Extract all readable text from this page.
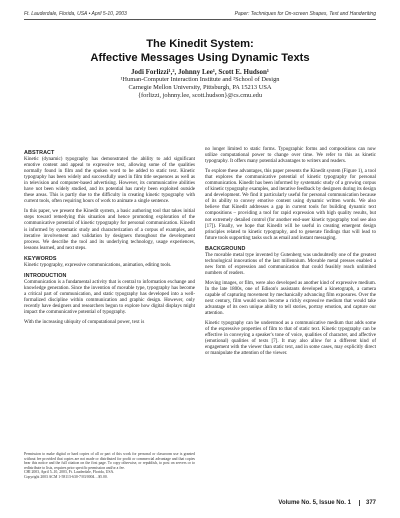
Ft. Lauderdale, Florida, USA • April 5-10, 2003	Paper: Techniques for On-screen Shapes, Text and Handwriting
The Kinedit System:
Affective Messages Using Dynamic Texts
Jodi Forlizzi¹,², Johnny Lee¹, Scott E. Hudson¹
¹Human-Computer Interaction Institute and ²School of Design
Carnegie Mellon University, Pittsburgh, PA 15213 USA
{forlizzi, johnny.lee, scott.hudson}@cs.cmu.edu
ABSTRACT

Kinetic (dynamic) typography has demonstrated the ability to add significant emotive content and appeal to expressive text, allowing some of the qualities normally found in film and the spoken word to be added to static text. Kinetic typography has been widely and successfully used in film title sequences as well as in television and computer-based advertising. However, its communicative abilities have not been widely studied, and its potential has rarely been exploited outside these areas. This is partly due to the difficulty in creating kinetic typography with current tools, often requiring hours of work to animate a single sentence.

In this paper, we present the Kinedit system, a basic authoring tool that takes initial steps toward remedying this situation and hence promoting exploration of the communicative potential of kinetic typography for personal communication. Kinedit is informed by systematic study and characterization of a corpus of examples, and iterative involvement and validation by designers throughout the development process. We describe the tool and its underlying technology, usage experiences, lessons learned, and next steps.

KEYWORDS

Kinetic typography, expressive communications, animation, editing tools.

INTRODUCTION

Communication is a fundamental activity that is central to information exchange and knowledge generation. Since the invention of movable type, typography has become a critical part of communication, and static typography has developed into a well-formalized discipline within communication and graphic design. However, only recently have designers and researchers begun to explore how digital displays might impact the communicative potential of typography.

With the increasing ubiquity of computational power, text is

Permission to make digital or hard copies of all or part of this work for personal or classroom use is granted without fee provided that copies are not made or distributed for profit or commercial advantage and that copies bear this notice and the full citation on the first page. To copy otherwise, or republish, to post on servers or to redistribute to lists, requires prior specific permission and/or a fee.
CHI 2003, April 5–10, 2003, Ft. Lauderdale, Florida, USA.
Copyright 2003 ACM 1-58113-630-7/03/0004…$5.00.

no longer limited to static forms. Typographic forms and compositions can now utilize computational power to change over time. We refer to this as kinetic typography. It offers many potential advantages to writers and readers.

To explore these advantages, this paper presents the Kinedit system (Figure 1), a tool that explores the communicative potential of kinetic typography for personal communication. Kinedit has been informed by systematic study of a growing corpus of kinetic typography examples, and iterative feedback by designers during its design and development. We find it particularly useful for personal communication because of its ability to convey emotive content using dynamic written words. We also believe that Kinedit addresses a gap in current tools for building dynamic text compositions – providing a tool for rapid expression with high quality results, but not extremely detailed control (for another end-user kinetic typography tool see also [17]). Finally, we hope that Kinedit will be useful in creating emergent design principles related to kinetic typography, and to generate findings that will lead to future tools supporting tasks such as email and instant messaging.

BACKGROUND

The movable metal type invented by Gutenberg was undoubtedly one of the greatest technological innovations of the last millennium. Movable metal presses enabled a new form of expression and communication that could feasibly reach unlimited numbers of readers.

Moving images, or film, were also developed as another kind of expressive medium. In the late 1800s, one of Edison's assistants developed a kinetograph, a camera capable of capturing movement by mechanically advancing film exposures. Over the next century, film would soon become a richly expressive medium that would take advantage of its own unique ability to tell stories, portray emotion, and capture our attention.

Kinetic typography can be understood as a communicative medium that adds some of the expressive properties of film to that of static text. Kinetic typography can be effective in conveying a speaker's tone of voice, qualities of character, and affective (emotional) qualities of texts [7]. It may also allow for a different kind of engagement with the viewer than static text, and in some cases, may explicitly direct or manipulate the attention of the viewer.

Volume No. 5, Issue No. 1	377
